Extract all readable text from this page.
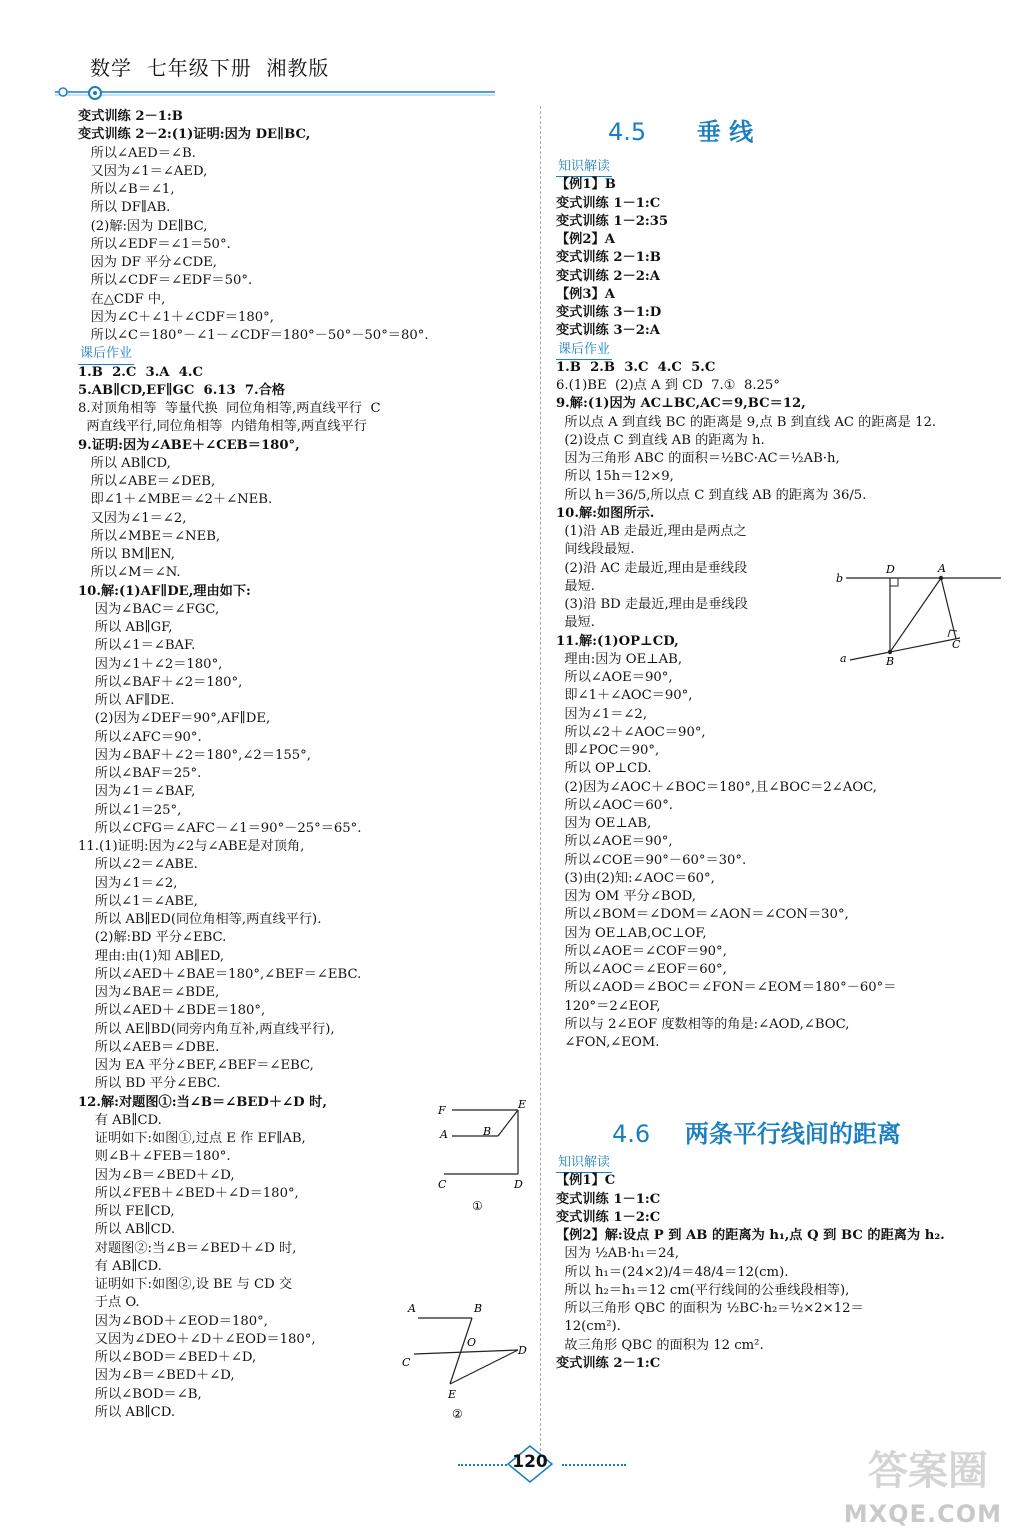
数学  七年级下册  湘教版
变式训练 2－1:B
变式训练 2－2:(1)证明:因为 DE∥BC,
所以∠AED＝∠B.
又因为∠1＝∠AED,
所以∠B＝∠1,
所以 DF∥AB.
(2)解:因为 DE∥BC,
所以∠EDF＝∠1＝50°.
因为 DF 平分∠CDE,
所以∠CDF＝∠EDF＝50°.
在△CDF 中,
因为∠C＋∠1＋∠CDF＝180°,
所以∠C＝180°－∠1－∠CDF＝180°－50°－50°＝80°.
课后作业
1.B  2.C  3.A  4.C
5.AB∥CD,EF∥GC  6.13  7.合格
8.对顶角相等  等量代换  同位角相等,两直线平行  C
两直线平行,同位角相等  内错角相等,两直线平行
9.证明:因为∠ABE＋∠CEB＝180°,
所以 AB∥CD,
所以∠ABE＝∠DEB,
即∠1＋∠MBE＝∠2＋∠NEB.
又因为∠1＝∠2,
所以∠MBE＝∠NEB,
所以 BM∥EN,
所以∠M＝∠N.
10.解:(1)AF∥DE,理由如下:
因为∠BAC＝∠FGC,
所以 AB∥GF,
所以∠1＝∠BAF.
因为∠1＋∠2＝180°,
所以∠BAF＋∠2＝180°,
所以 AF∥DE.
(2)因为∠DEF＝90°,AF∥DE,
所以∠AFC＝90°.
因为∠BAF＋∠2＝180°,∠2＝155°,
所以∠BAF＝25°.
因为∠1＝∠BAF,
所以∠1＝25°,
所以∠CFG＝∠AFC－∠1＝90°－25°＝65°.
11.(1)证明:因为∠2与∠ABE是对顶角,
所以∠2＝∠ABE.
因为∠1＝∠2,
所以∠1＝∠ABE,
所以 AB∥ED(同位角相等,两直线平行).
(2)解:BD 平分∠EBC.
理由:由(1)知 AB∥ED,
所以∠AED＋∠BAE＝180°,∠BEF＝∠EBC.
因为∠BAE＝∠BDE,
所以∠AED＋∠BDE＝180°,
所以 AE∥BD(同旁内角互补,两直线平行),
所以∠AEB＝∠DBE.
因为 EA 平分∠BEF,∠BEF＝∠EBC,
所以 BD 平分∠EBC.
12.解:对题图①:当∠B＝∠BED＋∠D 时,
有 AB∥CD.
证明如下:如图①,过点 E 作 EF∥AB,
则∠B＋∠FEB＝180°.
因为∠B＝∠BED＋∠D,
所以∠FEB＋∠BED＋∠D＝180°,
所以 FE∥CD,
所以 AB∥CD.
对题图②:当∠B＝∠BED＋∠D 时,
有 AB∥CD.
证明如下:如图②,设 BE 与 CD 交
于点 O.
因为∠BOD＋∠EOD＝180°,
又因为∠DEO＋∠D＋∠EOD＝180°,
所以∠BOD＝∠BED＋∠D,
因为∠B＝∠BED＋∠D,
所以∠BOD＝∠B,
所以 AB∥CD.
F	E
A	B
C	D
①
A	B
O
C
D
E
②
4.5 垂 线
知识解读
【例1】B
变式训练 1－1:C
变式训练 1－2:35
【例2】A
变式训练 2－1:B
变式训练 2－2:A
【例3】A
变式训练 3－1:D
变式训练 3－2:A
课后作业
1.B  2.B  3.C  4.C  5.C
6.(1)BE  (2)点 A 到 CD  7.①  8.25°
9.解:(1)因为 AC⊥BC,AC＝9,BC＝12,
所以点 A 到直线 BC 的距离是 9,点 B 到直线 AC 的距离是 12.
(2)设点 C 到直线 AB 的距离为 h.
因为三角形 ABC 的面积＝½BC·AC＝½AB·h,
所以 15h＝12×9,
所以 h＝36/5,所以点 C 到直线 AB 的距离为 36/5.
10.解:如图所示.
(1)沿 AB 走最近,理由是两点之
间线段最短.
(2)沿 AC 走最近,理由是垂线段
最短.
(3)沿 BD 走最近,理由是垂线段
最短.
11.解:(1)OP⊥CD,
理由:因为 OE⊥AB,
所以∠AOE＝90°,
即∠1＋∠AOC＝90°,
因为∠1＝∠2,
所以∠2＋∠AOC＝90°,
即∠POC＝90°,
所以 OP⊥CD.
(2)因为∠AOC＋∠BOC＝180°,且∠BOC＝2∠AOC,
所以∠AOC＝60°.
因为 OE⊥AB,
所以∠AOE＝90°,
所以∠COE＝90°－60°＝30°.
(3)由(2)知:∠AOC＝60°,
因为 OM 平分∠BOD,
所以∠BOM＝∠DOM＝∠AON＝∠CON＝30°,
因为 OE⊥AB,OC⊥OF,
所以∠AOE＝∠COF＝90°,
所以∠AOC＝∠EOF＝60°,
所以∠AOD＝∠BOC＝∠FON＝∠EOM＝180°－60°＝
120°＝2∠EOF,
所以与 2∠EOF 度数相等的角是:∠AOD,∠BOC,
∠FON,∠EOM.
b
D	A
C
a	B
4.6 两条平行线间的距离
知识解读
【例1】C
变式训练 1－1:C
变式训练 1－2:C
【例2】解:设点 P 到 AB 的距离为 h₁,点 Q 到 BC 的距离为 h₂.
因为 ½AB·h₁＝24,
所以 h₁＝(24×2)/4＝48/4＝12(cm).
所以 h₂＝h₁＝12 cm(平行线间的公垂线段相等),
所以三角形 QBC 的面积为 ½BC·h₂＝½×2×12＝
12(cm²).
故三角形 QBC 的面积为 12 cm².
变式训练 2－1:C
120	答案圈
MXQE.COM
